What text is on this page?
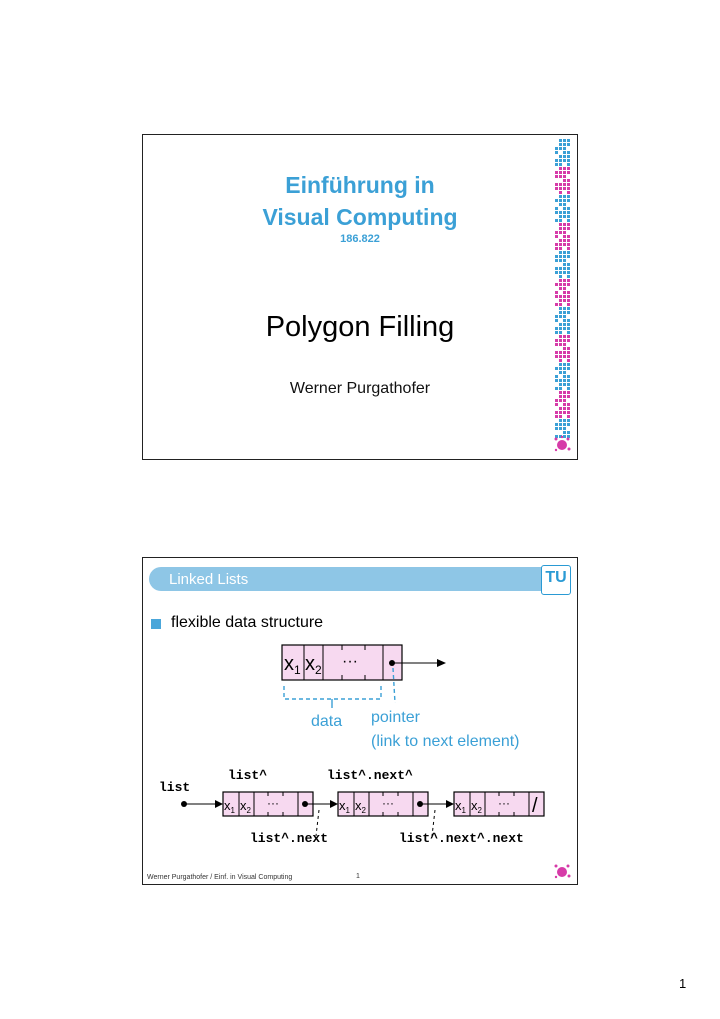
Einführung in
Visual Computing
186.822
Polygon Filling
Werner Purgathofer
Linked Lists	TU
flexible data structure
$x_1$ $x_2$ ···
data pointer
(link to next element)
list^	list^.next^
list
$x_1$ $x_2$
···	$x_1$ $x_2$
···	$x_1$ $x_2$
··· /
list^.next	list^.next^.next
Werner Purgathofer / Einf. in Visual Computing	1
1
